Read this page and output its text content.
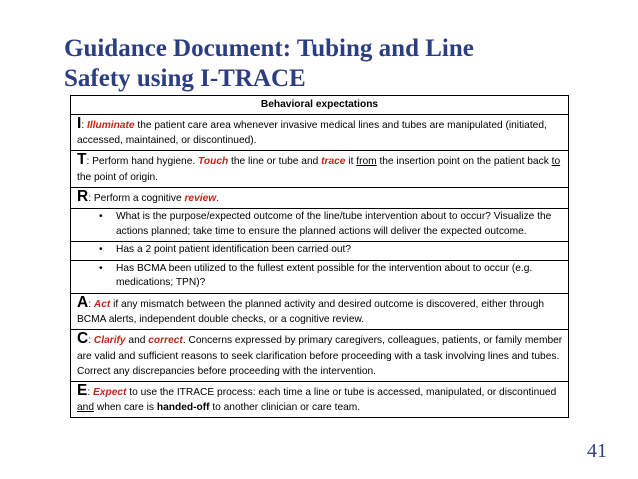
Guidance Document: Tubing and Line
Safety using I-TRACE
Behavioral expectations
I: Illuminate the patient care area whenever invasive medical lines and tubes are manipulated (initiated, accessed, maintained, or discontinued).
T: Perform hand hygiene. Touch the line or tube and trace it from the insertion point on the patient back to the point of origin.
R: Perform a cognitive review.
• What is the purpose/expected outcome of the line/tube intervention about to occur? Visualize the actions planned; take time to ensure the planned actions will deliver the expected outcome.
• Has a 2 point patient identification been carried out?
• Has BCMA been utilized to the fullest extent possible for the intervention about to occur (e.g. medications; TPN)?
A: Act if any mismatch between the planned activity and desired outcome is discovered, either through BCMA alerts, independent double checks, or a cognitive review.
C: Clarify and correct. Concerns expressed by primary caregivers, colleagues, patients, or family member are valid and sufficient reasons to seek clarification before proceeding with a task involving lines and tubes. Correct any discrepancies before proceeding with the intervention.
E: Expect to use the ITRACE process: each time a line or tube is accessed, manipulated, or discontinued and when care is handed-off to another clinician or care team.
41
